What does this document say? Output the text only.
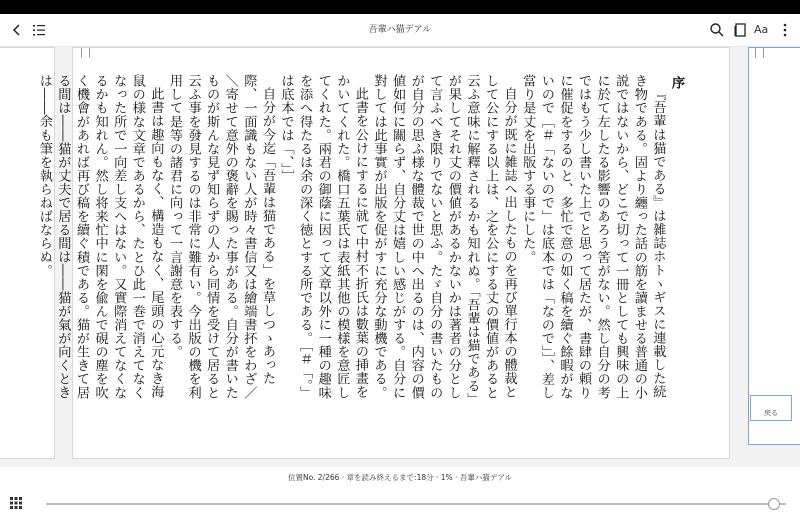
吾輩ハ猫デアル	Aa
序

『吾輩は猫である』は雑誌ホトヽギスに連載した続き物である。固より纏った話の筋を讀ませる普通の小説ではないから、どこで切って一冊としても興味の上に於て左したる影響のあろう筈がない。然し自分の考ではもう少し書いた上でと思って居たが、書肆の頼りに催促をするのと、多忙で意の如く稿を續ぐ餘暇がないので［＃「ないので」は底本では「なので」］、差し當り是丈を出版する事にした。

自分が既に雑誌へ出したものを再び單行本の體裁として公にする以上は、之を公にする丈の價値があると云ふ意味に解釋されるかも知れぬ。「吾輩は猫である」が果してそれ丈の價値があるかないかは著者の分として言ふべき限りでないと思ふ。たゞ自分の書いたものが自分の思ふ様な體裁で世の中へ出るのは、内容の價値如何に關らず、自分丈は嬉しい感じがする。自分に對しては此事實が出版を促がすに充分な動機である。

此書を公けにするに就て中村不折氏は數葉の挿畫をかいてくれた。橋口五葉氏は表紙其他の模樣を意匠してくれた。兩君の御蔭に因って文章以外に一種の趣味を添へ得たるは余の深く徳とする所である。［＃「。」は底本では「、」］

自分が今迄「吾輩は猫である」を草しつゝあった際、一面識もない人が時々書信又は繪端書抔をわざ／＼寄せて意外の褒辭を賜った事がある。自分が書いたものが斯んな見ず知らずの人から同情を受けて居ると云ふ事を發見するのは非常に難有い。今出版の機を利用して是等の諸君に向って一言謝意を表する。

此書は趣向もなく、構造もなく、尾頭の心元なき海鼠の様な文章であるから、たとひ此一巻で消えてなくなった所で一向差し支へはない。又實際消えてなくなるかも知れん。然し将来忙中に閑を偸んで硯の塵を吹く機會があれば再び稿を續ぐ積である。猫が生きて居る間は――猫が丈夫で居る間は――猫が氣が向くときは――余も筆を執らねばならぬ。

戻る
位置No. 2/266 · 章を読み終えるまで:18分 · 1% · 吾輩ハ猫デアル
